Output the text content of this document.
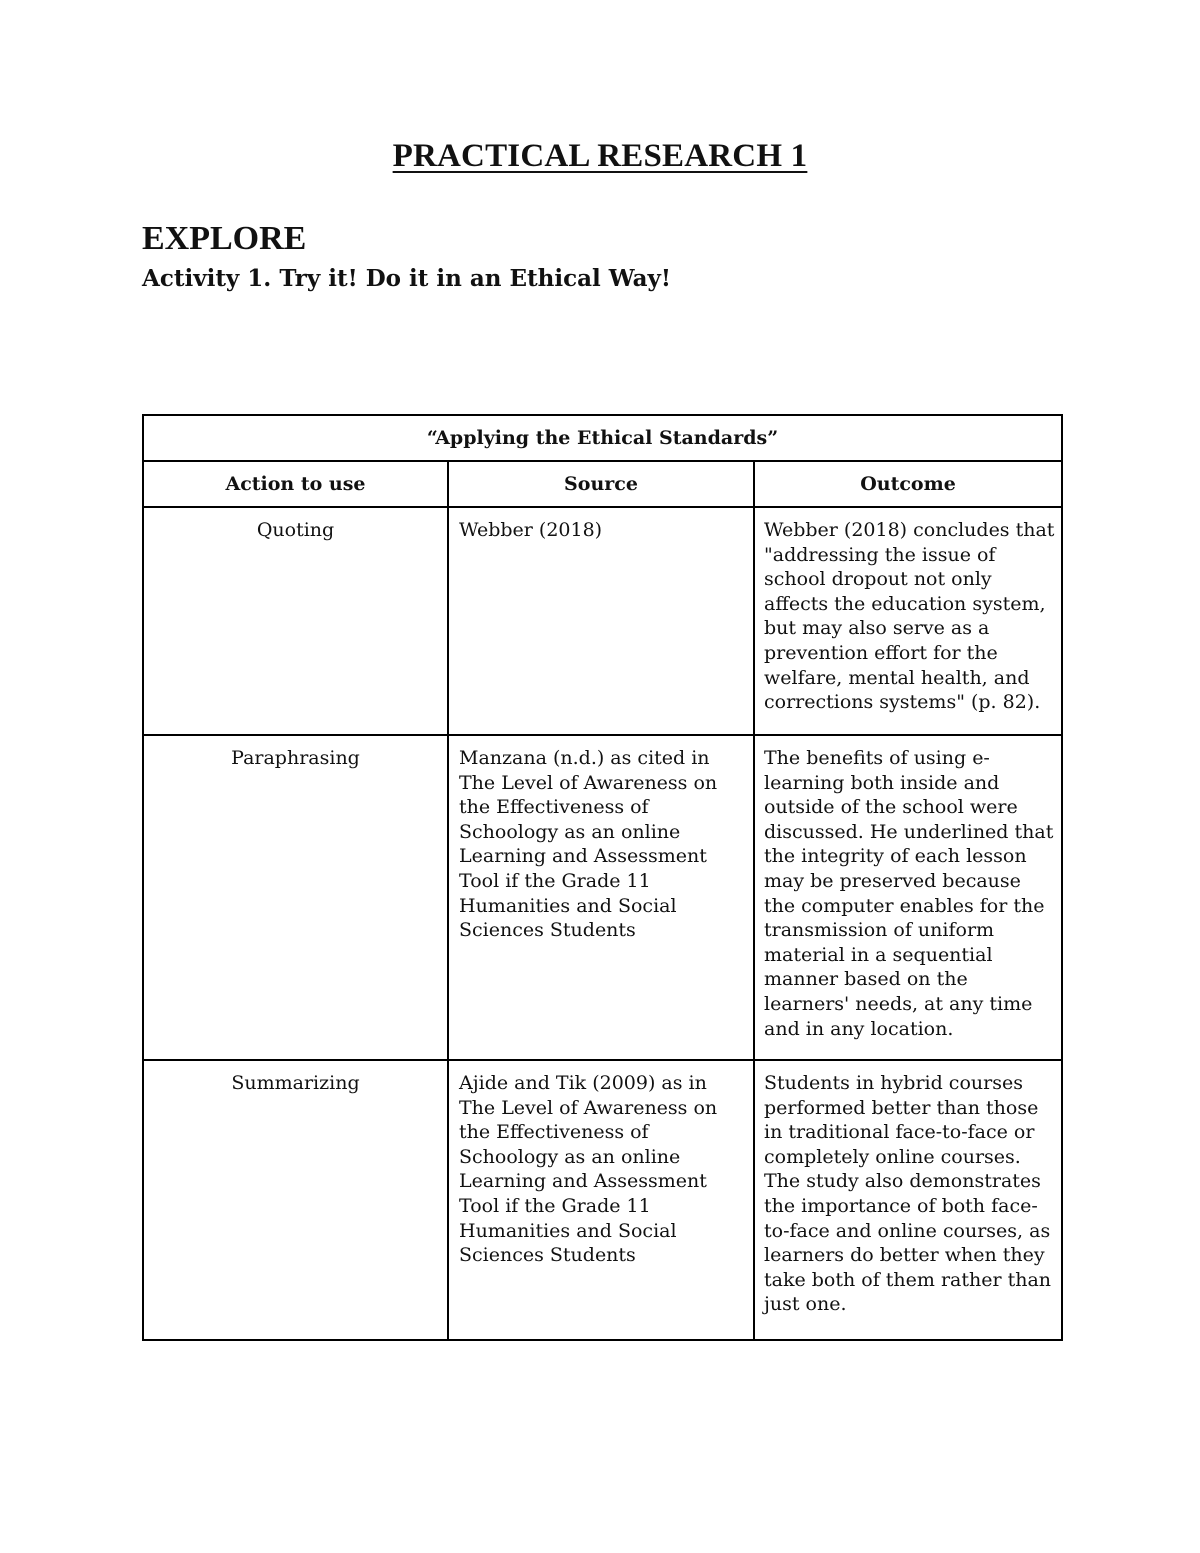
PRACTICAL RESEARCH 1
EXPLORE
Activity 1. Try it! Do it in an Ethical Way!
“Applying the Ethical Standards”		
Action to use	Source	Outcome
Quoting	Webber (2018)	Webber (2018) concludes that "addressing the issue of school dropout not only affects the education system, but may also serve as a prevention effort for the welfare, mental health, and corrections systems" (p. 82).
Paraphrasing	Manzana (n.d.) as cited in The Level of Awareness on the Effectiveness of Schoology as an online Learning and Assessment Tool if the Grade 11 Humanities and Social Sciences Students	The benefits of using e-learning both inside and outside of the school were discussed. He underlined that the integrity of each lesson may be preserved because the computer enables for the transmission of uniform material in a sequential manner based on the learners' needs, at any time and in any location.
Summarizing	Ajide and Tik (2009) as in The Level of Awareness on the Effectiveness of Schoology as an online Learning and Assessment Tool if the Grade 11 Humanities and Social Sciences Students	Students in hybrid courses performed better than those in traditional face-to-face or completely online courses. The study also demonstrates the importance of both face-to-face and online courses, as learners do better when they take both of them rather than just one.
